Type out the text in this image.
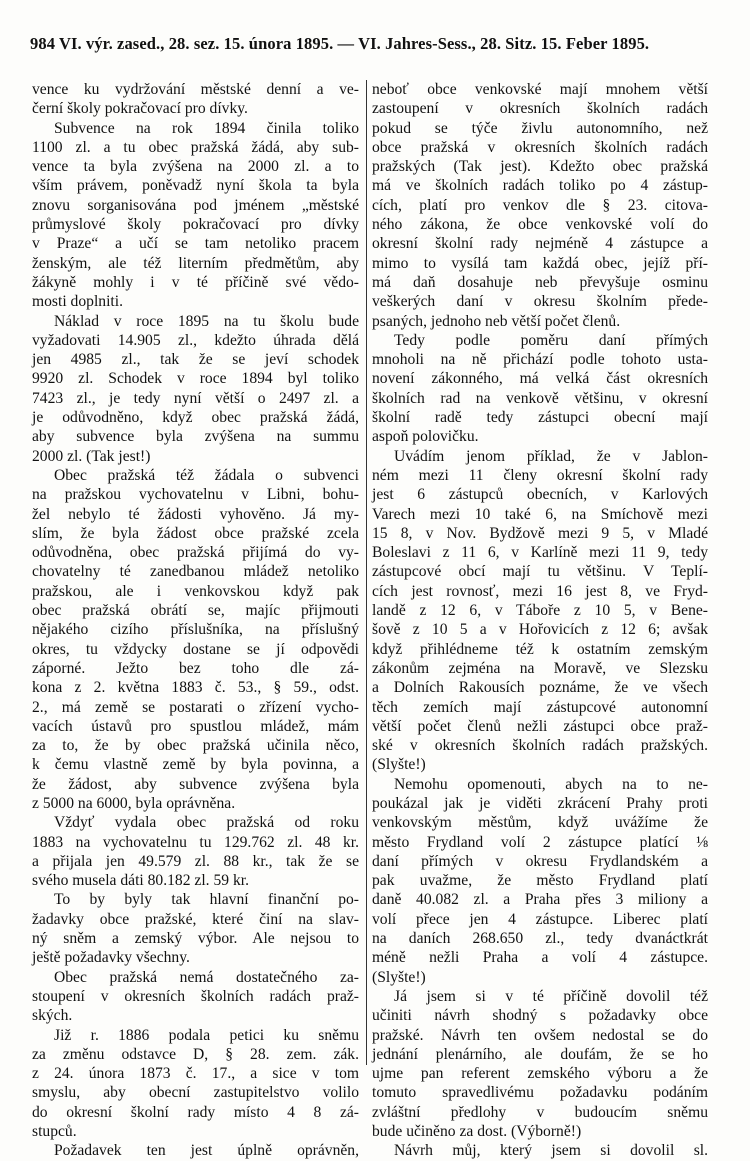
984 VI. výr. zased., 28. sez. 15. února 1895. — VI. Jahres-Sess., 28. Sitz. 15. Feber 1895.
vence ku vydržování městské denní a ve-
černí školy pokračovací pro dívky.
Subvence na rok 1894 činila toliko
1100 zl. a tu obec pražská žádá, aby sub-
vence ta byla zvýšena na 2000 zl. a to
vším právem, poněvadž nyní škola ta byla
znovu sorganisována pod jménem „městské
průmyslové školy pokračovací pro dívky
v Praze“ a učí se tam netoliko pracem
ženským, ale též literním předmětům, aby
žákyně mohly i v té příčině své vědo-
mosti doplniti.
Náklad v roce 1895 na tu školu bude
vyžadovati 14.905 zl., kdežto úhrada dělá
jen 4985 zl., tak že se jeví schodek
9920 zl. Schodek v roce 1894 byl toliko
7423 zl., je tedy nyní větší o 2497 zl. a
je odůvodněno, když obec pražská žádá,
aby subvence byla zvýšena na summu
2000 zl. (Tak jest!)
Obec pražská též žádala o subvenci
na pražskou vychovatelnu v Libni, bohu-
žel nebylo té žádosti vyhověno. Já my-
slím, že byla žádost obce pražské zcela
odůvodněna, obec pražská přijímá do vy-
chovatelny té zanedbanou mládež netoliko
pražskou, ale i venkovskou když pak
obec pražská obrátí se, majíc přijmouti
nějakého cizího příslušníka, na příslušný
okres, tu vždycky dostane se jí odpovědi
záporné. Ježto bez toho dle zá-
kona z 2. května 1883 č. 53., § 59., odst.
2., má země se postarati o zřízení vycho-
vacích ústavů pro spustlou mládež, mám
za to, že by obec pražská učinila něco,
k čemu vlastně země by byla povinna, a
že žádost, aby subvence zvýšena byla
z 5000 na 6000, byla oprávněna.
Vždyť vydala obec pražská od roku
1883 na vychovatelnu tu 129.762 zl. 48 kr.
a přijala jen 49.579 zl. 88 kr., tak že se
svého musela dáti 80.182 zl. 59 kr.
To by byly tak hlavní finanční po-
žadavky obce pražské, které činí na slav-
ný sněm a zemský výbor. Ale nejsou to
ještě požadavky všechny.
Obec pražská nemá dostatečného za-
stoupení v okresních školních radách praž-
ských.
Již r. 1886 podala petici ku sněmu
za změnu odstavce D, § 28. zem. zák.
z 24. února 1873 č. 17., a sice v tom
smyslu, aby obecní zastupitelstvo volilo
do okresní školní rady místo 4 8 zá-
stupců.
Požadavek ten jest úplně oprávněn,
neboť obce venkovské mají mnohem větší
zastoupení v okresních školních radách
pokud se týče živlu autonomního, než
obce pražská v okresních školních radách
pražských (Tak jest). Kdežto obec pražská
má ve školních radách toliko po 4 zástup-
cích, platí pro venkov dle § 23. citova-
ného zákona, že obce venkovské volí do
okresní školní rady nejméně 4 zástupce a
mimo to vysílá tam každá obec, jejíž pří-
má daň dosahuje neb převyšuje osminu
veškerých daní v okresu školním přede-
psaných, jednoho neb větší počet členů.
Tedy podle poměru daní přímých
mnoholi na ně přichází podle tohoto usta-
novení zákonného, má velká část okresních
školních rad na venkově většinu, v okresní
školní radě tedy zástupci obecní mají
aspoň polovičku.
Uvádím jenom příklad, že v Jablon-
ném mezi 11 členy okresní školní rady
jest 6 zástupců obecních, v Karlových
Varech mezi 10 také 6, na Smíchově mezi
15 8, v Nov. Bydžově mezi 9 5, v Mladé
Boleslavi z 11 6, v Karlíně mezi 11 9, tedy
zástupcové obcí mají tu většinu. V Teplí-
cích jest rovnosť, mezi 16 jest 8, ve Fryd-
landě z 12 6, v Táboře z 10 5, v Bene-
šově z 10 5 a v Hořovicích z 12 6; avšak
když přihlédneme též k ostatním zemským
zákonům zejména na Moravě, ve Slezsku
a Dolních Rakousích poznáme, že ve všech
těch zemích mají zástupcové autonomní
větší počet členů nežli zástupci obce praž-
ské v okresních školních radách pražských.
(Slyšte!)
Nemohu opomenouti, abych na to ne-
poukázal jak je viděti zkrácení Prahy proti
venkovským městům, když uvážíme že
město Frydland volí 2 zástupce platící ⅛
daní přímých v okresu Frydlandském a
pak uvažme, že město Frydland platí
daně 40.082 zl. a Praha přes 3 miliony a
volí přece jen 4 zástupce. Liberec platí
na daních 268.650 zl., tedy dvanáctkrát
méně nežli Praha a volí 4 zástupce.
(Slyšte!)
Já jsem si v té příčině dovolil též
učiniti návrh shodný s požadavky obce
pražské. Návrh ten ovšem nedostal se do
jednání plenárního, ale doufám, že se ho
ujme pan referent zemského výboru a že
tomuto spravedlivému požadavku podáním
zvláštní předlohy v budoucím sněmu
bude učiněno za dost. (Výborně!)
Návrh můj, který jsem si dovolil sl.
